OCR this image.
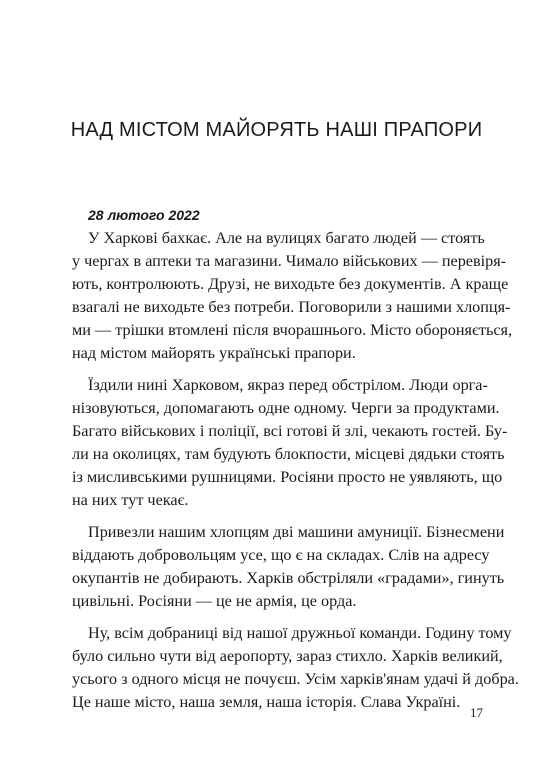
НАД МІСТОМ МАЙОРЯТЬ НАШІ ПРАПОРИ
28 лютого 2022
У Харкові бахкає. Але на вулицях багато людей — стоять
у чергах в аптеки та магазини. Чимало військових — перевіря-
ють, контролюють. Друзі, не виходьте без документів. А краще
взагалі не виходьте без потреби. Поговорили з нашими хлопця-
ми — трішки втомлені після вчорашнього. Місто обороняється,
над містом майорять українські прапори.
Їздили нині Харковом, якраз перед обстрілом. Люди орга-
нізовуються, допомагають одне одному. Черги за продуктами.
Багато військових і поліції, всі готові й злі, чекають гостей. Бу-
ли на околицях, там будують блокпости, місцеві дядьки стоять
із мисливськими рушницями. Росіяни просто не уявляють, що
на них тут чекає.
Привезли нашим хлопцям дві машини амуниції. Бізнесмени
віддають добровольцям усе, що є на складах. Слів на адресу
окупантів не добирають. Харків обстріляли «градами», гинуть
цивільні. Росіяни — це не армія, це орда.
Ну, всім добраниці від нашої дружньої команди. Годину тому
було сильно чути від аеропорту, зараз стихло. Харків великий,
усього з одного місця не почуєш. Усім харків'янам удачі й добра.
Це наше місто, наша земля, наша історія. Слава Україні.
17
